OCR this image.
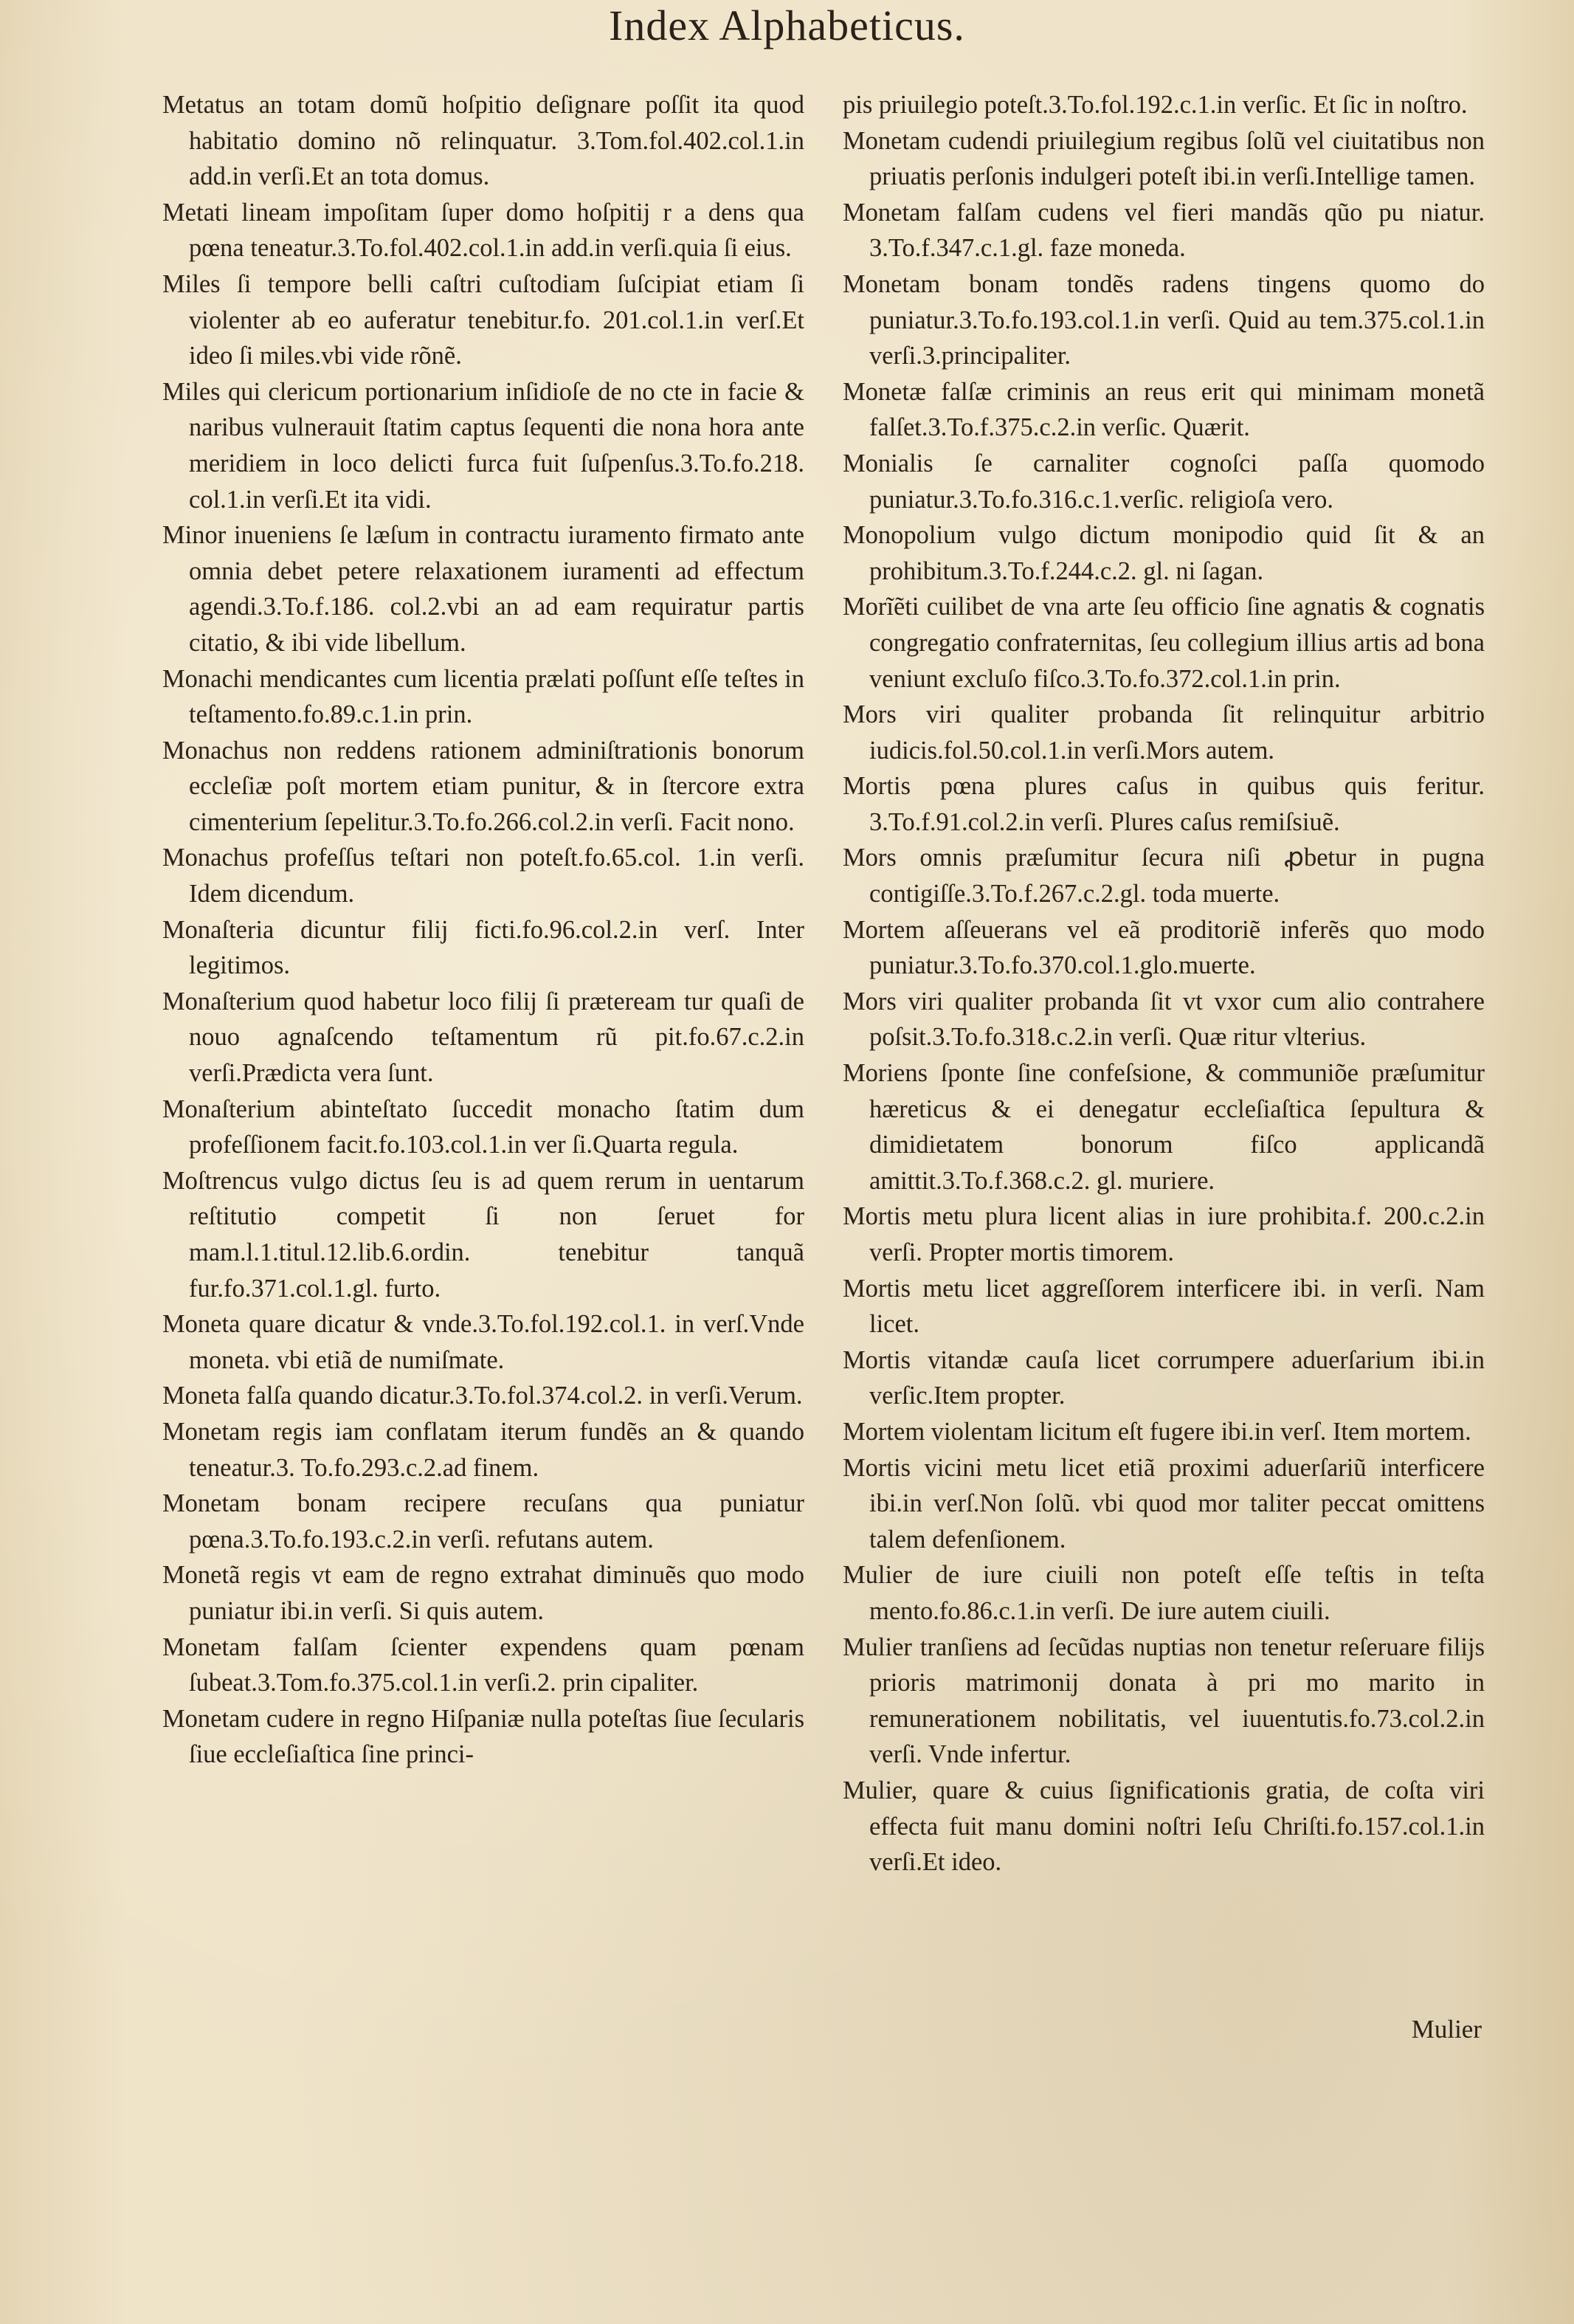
Index Alphabeticus.

Metatus an totam domũ hoſpitio deſignare poſſit ita quod habitatio domino nõ relinquatur. 3.Tom.fol.402.col.1.in add.in verſi.Et an tota domus.

Metati lineam impoſitam ſuper domo hoſpitij r a dens qua pœna teneatur.3.To.fol.402.col.1.in add.in verſi.quia ſi eius.

Miles ſi tempore belli caſtri cuſtodiam ſuſcipiat etiam ſi violenter ab eo auferatur tenebitur.fo. 201.col.1.in verſ.Et ideo ſi miles.vbi vide rõnẽ.

Miles qui clericum portionarium inſidioſe de no cte in facie & naribus vulnerauit ſtatim captus ſequenti die nona hora ante meridiem in loco delicti furca fuit ſuſpenſus.3.To.fo.218. col.1.in verſi.Et ita vidi.

Minor inueniens ſe læſum in contractu iuramento firmato ante omnia debet petere relaxationem iuramenti ad effectum agendi.3.To.f.186. col.2.vbi an ad eam requiratur partis citatio, & ibi vide libellum.

Monachi mendicantes cum licentia prælati poſſunt eſſe teſtes in teſtamento.fo.89.c.1.in prin.

Monachus non reddens rationem adminiſtrationis bonorum eccleſiæ poſt mortem etiam punitur, & in ſtercore extra cimenterium ſepelitur.3.To.fo.266.col.2.in verſi. Facit nono.

Monachus profeſſus teſtari non poteſt.fo.65.col. 1.in verſi. Idem dicendum.

Monaſteria dicuntur filij ficti.fo.96.col.2.in verſ. Inter legitimos.

Monaſterium quod habetur loco filij ſi præteream tur quaſi de nouo agnaſcendo teſtamentum rũ pit.fo.67.c.2.in verſi.Prædicta vera ſunt.

Monaſterium abinteſtato ſuccedit monacho ſtatim dum profeſſionem facit.fo.103.col.1.in ver ſi.Quarta regula.

Moſtrencus vulgo dictus ſeu is ad quem rerum in uentarum reſtitutio competit ſi non ſeruet for mam.l.1.titul.12.lib.6.ordin. tenebitur tanquã fur.fo.371.col.1.gl. furto.

Moneta quare dicatur & vnde.3.To.fol.192.col.1. in verſ.Vnde moneta. vbi etiã de numiſmate.

Moneta falſa quando dicatur.3.To.fol.374.col.2. in verſi.Verum.

Monetam regis iam conflatam iterum fundẽs an & quando teneatur.3. To.fo.293.c.2.ad finem.

Monetam bonam recipere recuſans qua puniatur pœna.3.To.fo.193.c.2.in verſi. refutans autem.

Monetã regis vt eam de regno extrahat diminuẽs quo modo puniatur ibi.in verſi. Si quis autem.

Monetam falſam ſcienter expendens quam pœnam ſubeat.3.Tom.fo.375.col.1.in verſi.2. prin cipaliter.

Monetam cudere in regno Hiſpaniæ nulla poteſtas ſiue ſecularis ſiue eccleſiaſtica ſine princi-

pis priuilegio poteſt.3.To.fol.192.c.1.in verſic. Et ſic in noſtro.

Monetam cudendi priuilegium regibus ſolũ vel ciuitatibus non priuatis perſonis indulgeri poteſt ibi.in verſi.Intellige tamen.

Monetam falſam cudens vel fieri mandãs qũo pu niatur. 3.To.f.347.c.1.gl. faze moneda.

Monetam bonam tondẽs radens tingens quomo do puniatur.3.To.fo.193.col.1.in verſi. Quid au tem.375.col.1.in verſi.3.principaliter.

Monetæ falſæ criminis an reus erit qui minimam monetã falſet.3.To.f.375.c.2.in verſic. Quærit.

Monialis ſe carnaliter cognoſci paſſa quomodo puniatur.3.To.fo.316.c.1.verſic. religioſa vero.

Monopolium vulgo dictum monipodio quid ſit & an prohibitum.3.To.f.244.c.2. gl. ni ſagan.

Morĩẽti cuilibet de vna arte ſeu officio ſine agnatis & cognatis congregatio confraternitas, ſeu collegium illius artis ad bona veniunt excluſo fiſco.3.To.fo.372.col.1.in prin.

Mors viri qualiter probanda ſit relinquitur arbitrio iudicis.fol.50.col.1.in verſi.Mors autem.

Mortis pœna plures caſus in quibus quis feritur. 3.To.f.91.col.2.in verſi. Plures caſus remiſsiuẽ.

Mors omnis præſumitur ſecura niſi ꝓbetur in pugna contigiſſe.3.To.f.267.c.2.gl. toda muerte.

Mortem aſſeuerans vel eã proditoriẽ inferẽs quo modo puniatur.3.To.fo.370.col.1.glo.muerte.

Mors viri qualiter probanda ſit vt vxor cum alio contrahere poſsit.3.To.fo.318.c.2.in verſi. Quæ ritur vlterius.

Moriens ſponte ſine confeſsione, & communiõe præſumitur hæreticus & ei denegatur eccleſiaſtica ſepultura & dimidietatem bonorum fiſco applicandã amittit.3.To.f.368.c.2. gl. muriere.

Mortis metu plura licent alias in iure prohibita.f. 200.c.2.in verſi. Propter mortis timorem.

Mortis metu licet aggreſſorem interficere ibi. in verſi. Nam licet.

Mortis vitandæ cauſa licet corrumpere aduerſarium ibi.in verſic.Item propter.

Mortem violentam licitum eſt fugere ibi.in verſ. Item mortem.

Mortis vicini metu licet etiã proximi aduerſariũ interficere ibi.in verſ.Non ſolũ. vbi quod mor taliter peccat omittens talem defenſionem.

Mulier de iure ciuili non poteſt eſſe teſtis in teſta mento.fo.86.c.1.in verſi. De iure autem ciuili.

Mulier tranſiens ad ſecũdas nuptias non tenetur reſeruare filijs prioris matrimonij donata à pri mo marito in remunerationem nobilitatis, vel iuuentutis.fo.73.col.2.in verſi. Vnde infertur.

Mulier, quare & cuius ſignificationis gratia, de coſta viri effecta fuit manu domini noſtri Ieſu Chriſti.fo.157.col.1.in verſi.Et ideo.

Mulier
